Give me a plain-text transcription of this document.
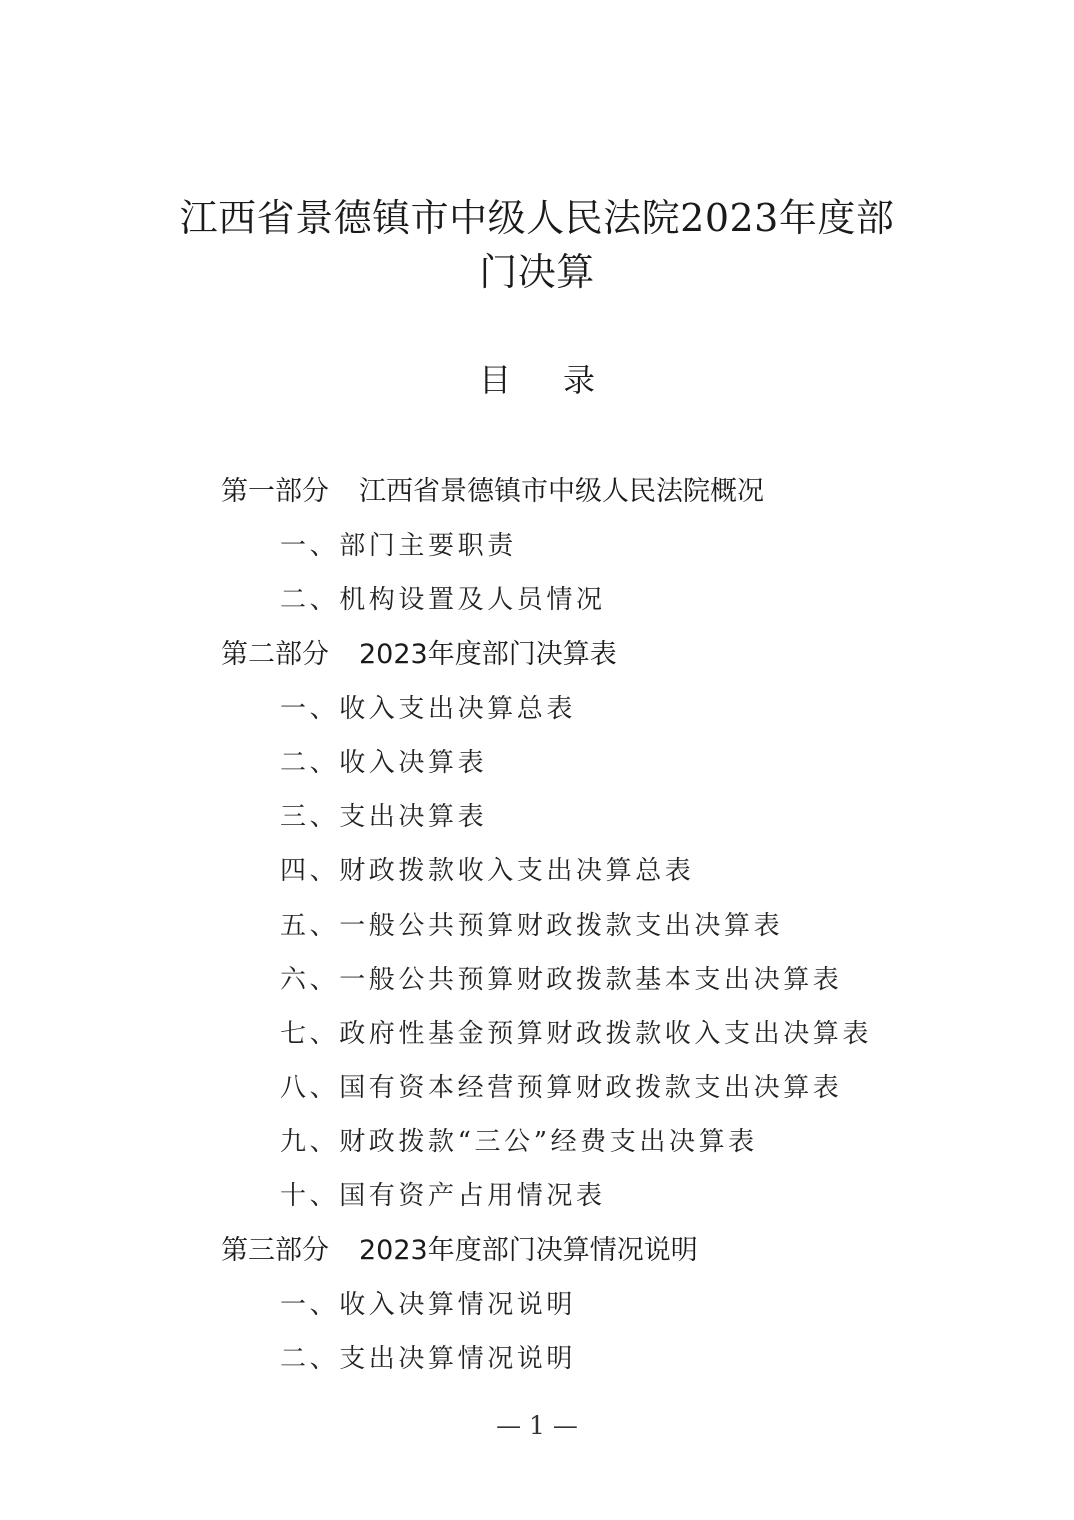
江西省景德镇市中级人民法院2023年度部
门决算
目 录
第一部分 江西省景德镇市中级人民法院概况
一、部门主要职责
二、机构设置及人员情况
第二部分 2023年度部门决算表
一、收入支出决算总表
二、收入决算表
三、支出决算表
四、财政拨款收入支出决算总表
五、一般公共预算财政拨款支出决算表
六、一般公共预算财政拨款基本支出决算表
七、政府性基金预算财政拨款收入支出决算表
八、国有资本经营预算财政拨款支出决算表
九、财政拨款“三公”经费支出决算表
十、国有资产占用情况表
第三部分 2023年度部门决算情况说明
一、收入决算情况说明
二、支出决算情况说明
— 1 —
